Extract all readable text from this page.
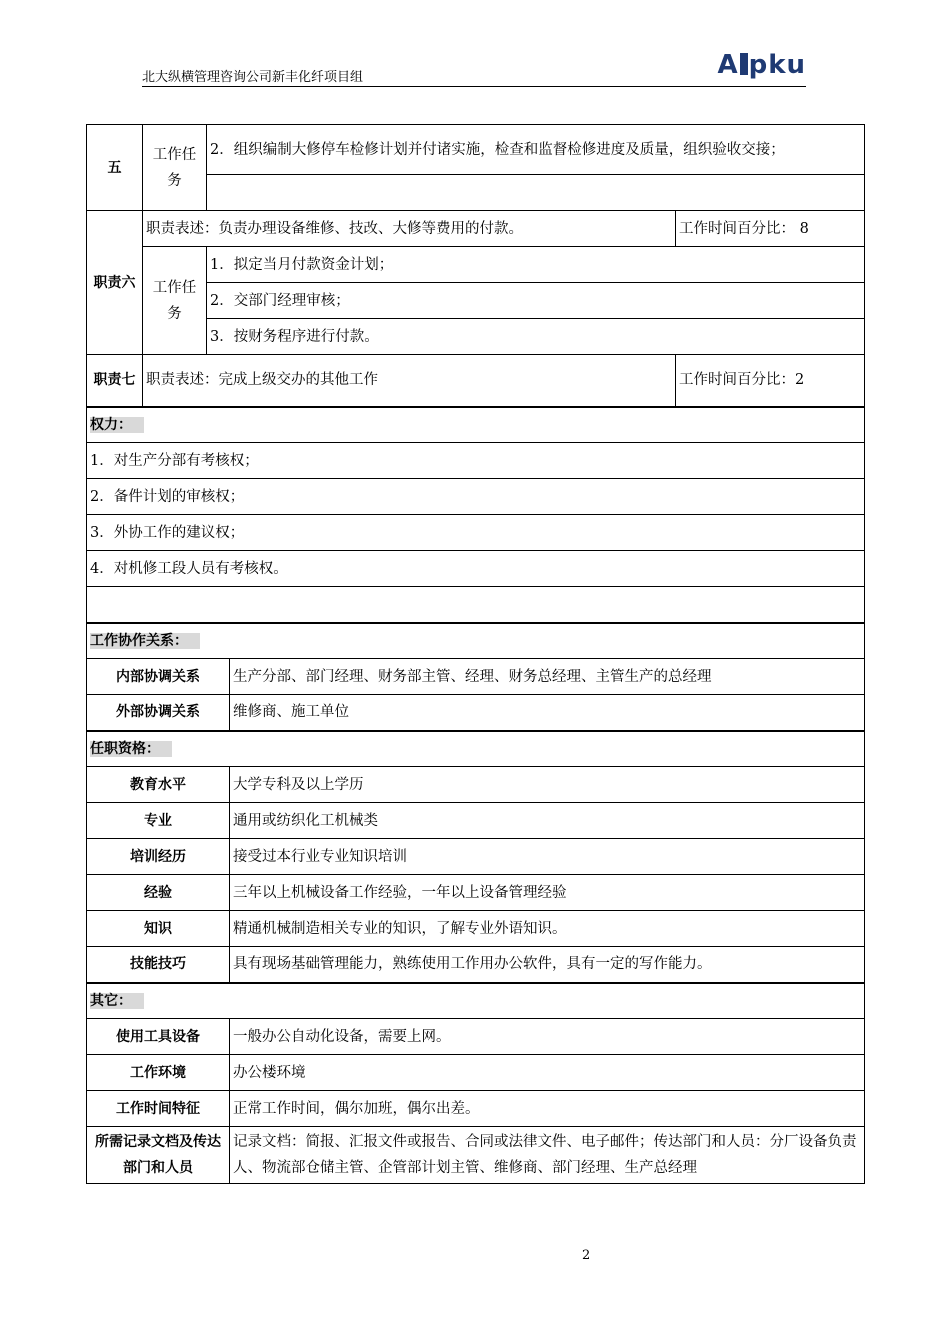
北大纵横管理咨询公司新丰化纤项目组	A pku
五	工作任务	2．组织编制大修停车检修计划并付诸实施，检查和监督检修进度及质量，组织验收交接；		

职责六	职责表述：负责办理设备维修、技改、大修等费用的付款。			工作时间百分比： 8
	工作任务	1．拟定当月付款资金计划；		
		2．交部门经理审核；		
		3．按财务程序进行付款。		
职责七	职责表述：完成上级交办的其他工作			工作时间百分比：2
权力：				
1．对生产分部有考核权；				
2．备件计划的审核权；				
3．外协工作的建议权；				
4．对机修工段人员有考核权。				

工作协作关系：				
内部协调关系			生产分部、部门经理、财务部主管、经理、财务总经理、主管生产的总经理	
外部协调关系			维修商、施工单位	
任职资格：				
教育水平			大学专科及以上学历	
专业			通用或纺织化工机械类	
培训经历			接受过本行业专业知识培训	
经验			三年以上机械设备工作经验，一年以上设备管理经验	
知识			精通机械制造相关专业的知识，了解专业外语知识。	
技能技巧			具有现场基础管理能力，熟练使用工作用办公软件，具有一定的写作能力。	
其它：				
使用工具设备			一般办公自动化设备，需要上网。	
工作环境			办公楼环境	
工作时间特征			正常工作时间，偶尔加班，偶尔出差。	
所需记录文档及传达部门和人员			记录文档：简报、汇报文件或报告、合同或法律文件、电子邮件；传达部门和人员：分厂设备负责人、物流部仓储主管、企管部计划主管、维修商、部门经理、生产总经理	
2
